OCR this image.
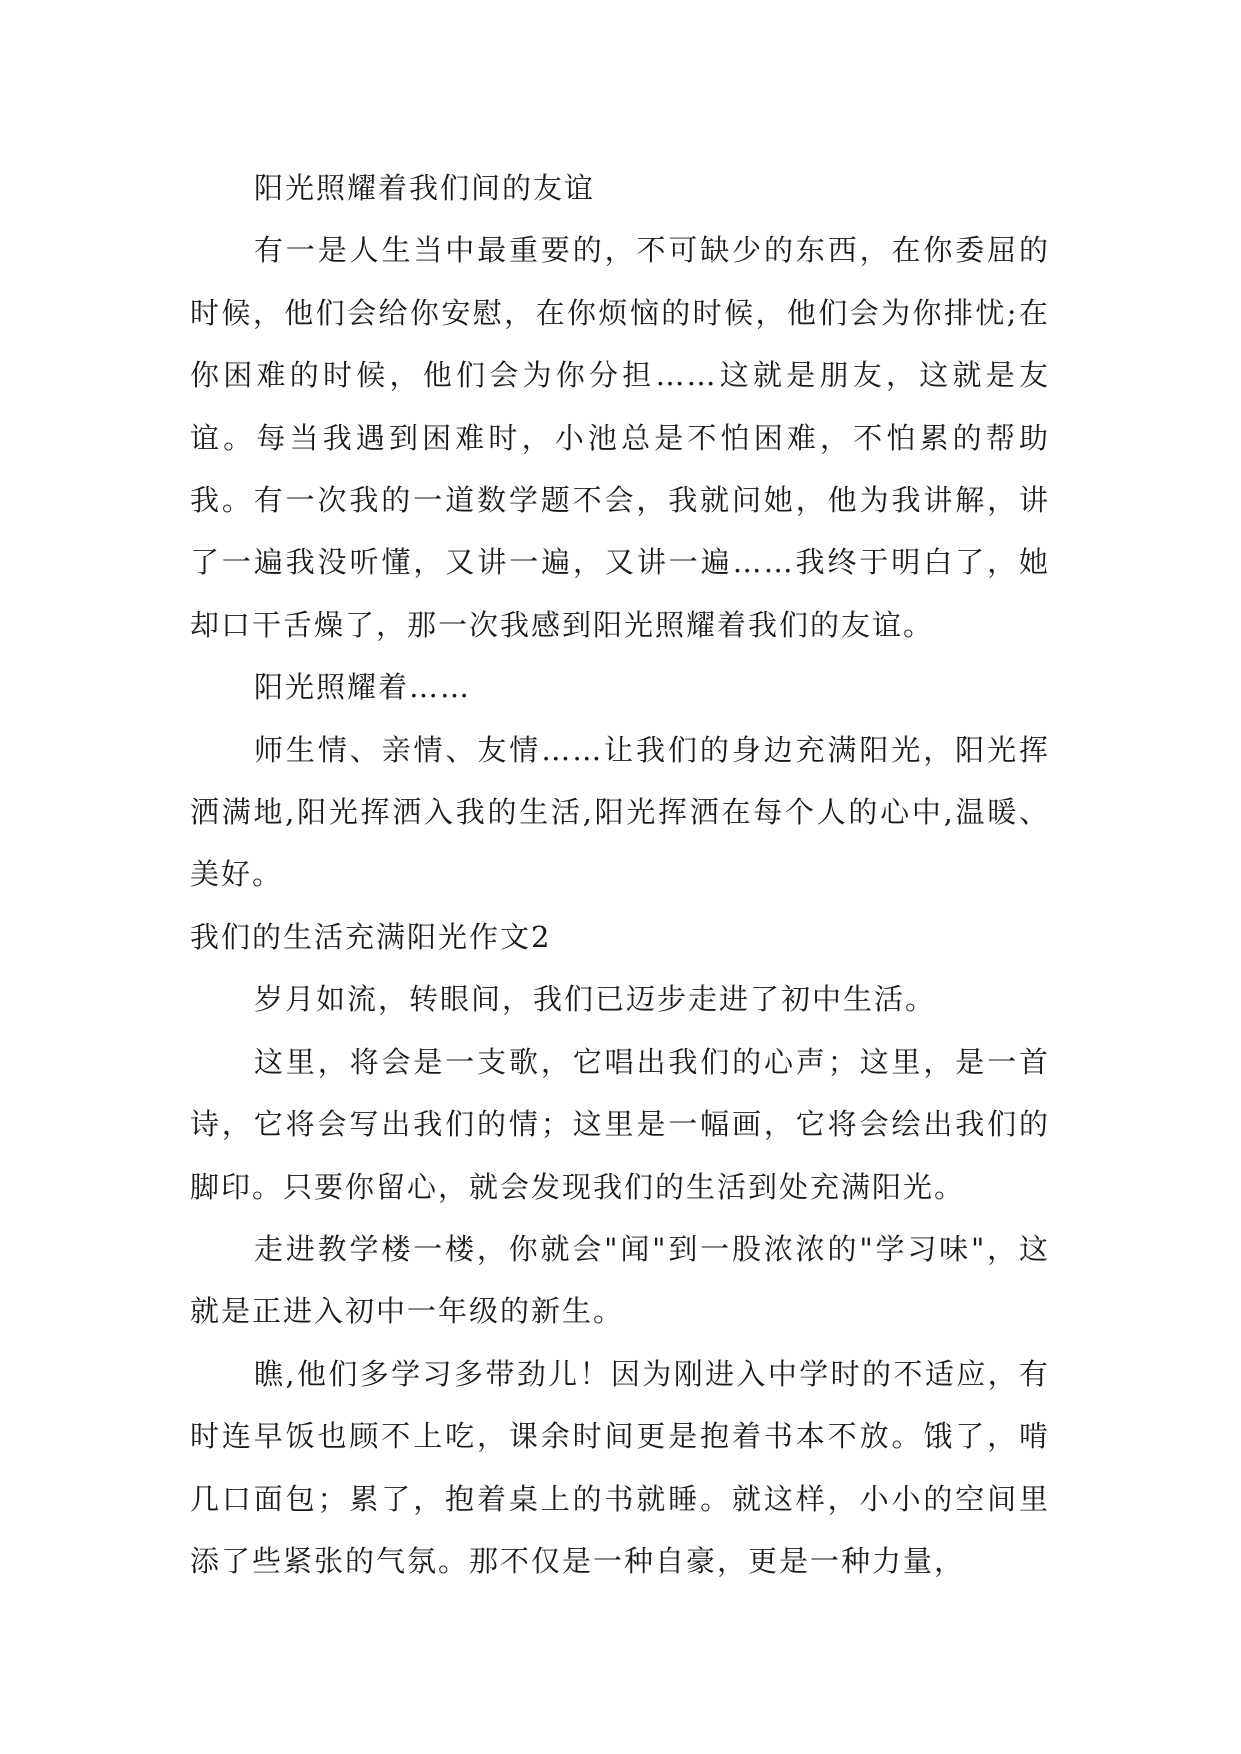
阳光照耀着我们间的友谊

有一是人生当中最重要的，不可缺少的东西，在你委屈的时候，他们会给你安慰，在你烦恼的时候，他们会为你排忧;在你困难的时候，他们会为你分担……这就是朋友，这就是友谊。每当我遇到困难时，小池总是不怕困难，不怕累的帮助我。有一次我的一道数学题不会，我就问她，他为我讲解，讲了一遍我没听懂，又讲一遍，又讲一遍……我终于明白了，她却口干舌燥了，那一次我感到阳光照耀着我们的友谊。

阳光照耀着……

师生情、亲情、友情……让我们的身边充满阳光，阳光挥洒满地,阳光挥洒入我的生活,阳光挥洒在每个人的心中,温暖、美好。

我们的生活充满阳光作文2

岁月如流，转眼间，我们已迈步走进了初中生活。

这里，将会是一支歌，它唱出我们的心声；这里，是一首诗，它将会写出我们的情；这里是一幅画，它将会绘出我们的脚印。只要你留心，就会发现我们的生活到处充满阳光。

走进教学楼一楼，你就会"闻"到一股浓浓的"学习味"，这就是正进入初中一年级的新生。

瞧,他们多学习多带劲儿！因为刚进入中学时的不适应，有时连早饭也顾不上吃，课余时间更是抱着书本不放。饿了，啃几口面包；累了，抱着桌上的书就睡。就这样，小小的空间里添了些紧张的气氛。那不仅是一种自豪，更是一种力量，
